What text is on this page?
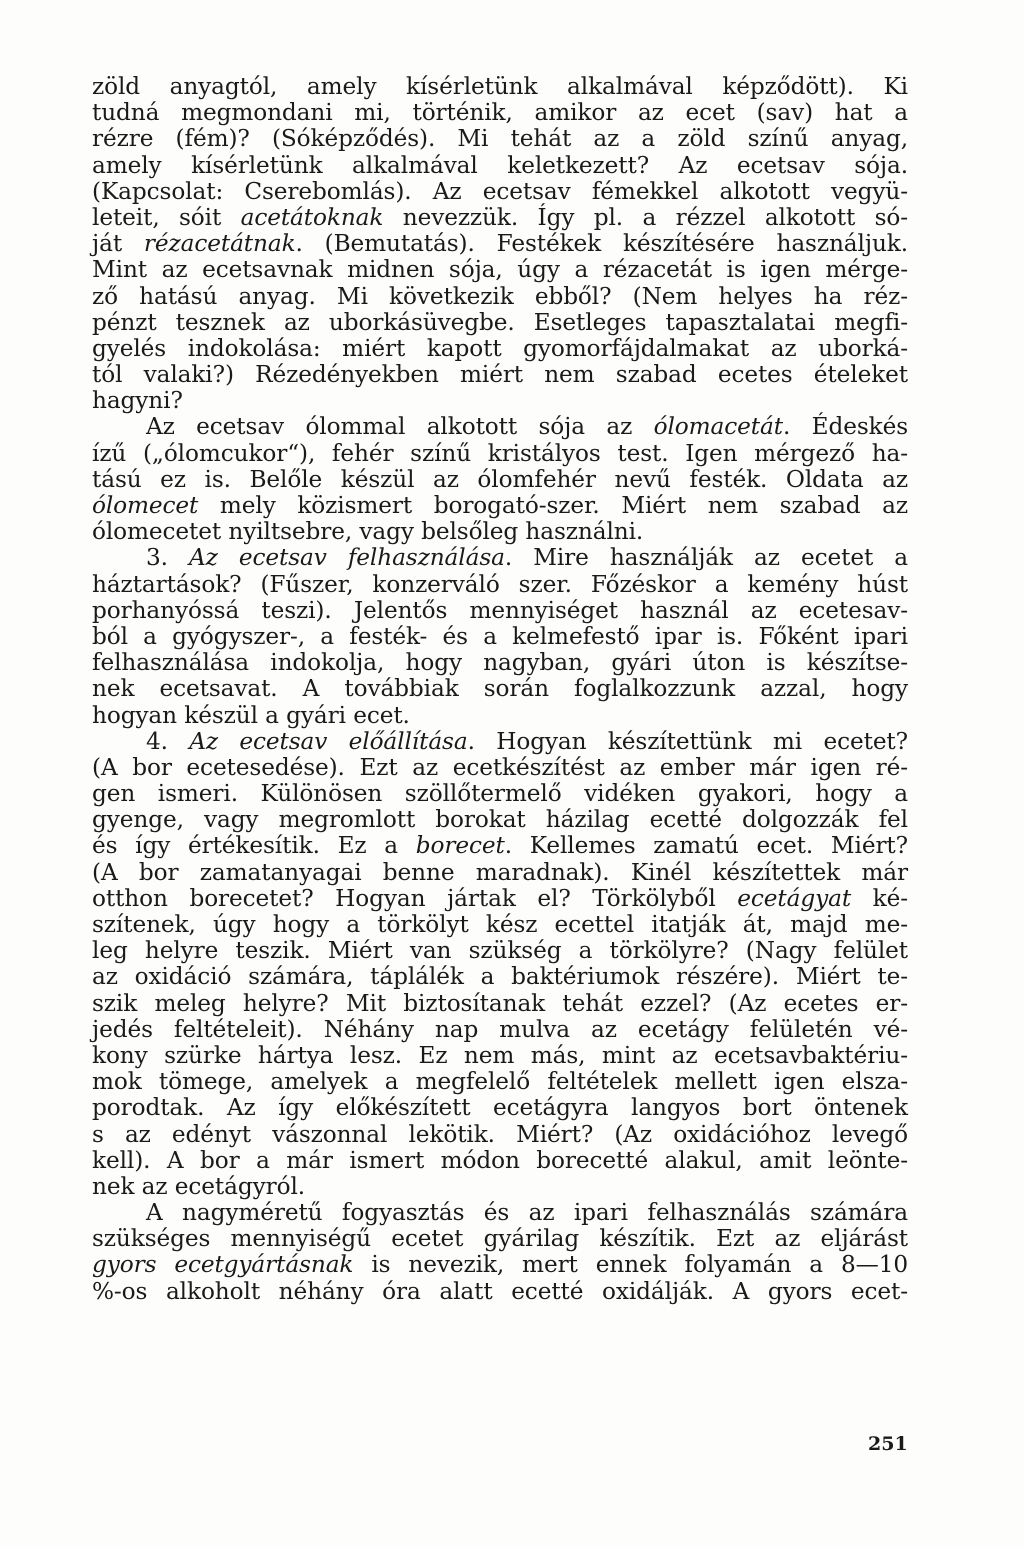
zöld anyagtól, amely kísérletünk alkalmával képződött). Ki
tudná megmondani mi, történik, amikor az ecet (sav) hat a
rézre (fém)? (Sóképződés). Mi tehát az a zöld színű anyag,
amely kísérletünk alkalmával keletkezett? Az ecetsav sója.
(Kapcsolat: Cserebomlás). Az ecetsav fémekkel alkotott vegyü-
leteit, sóit acetátoknak nevezzük. Így pl. a rézzel alkotott só-
ját rézacetátnak. (Bemutatás). Festékek készítésére használjuk.
Mint az ecetsavnak midnen sója, úgy a rézacetát is igen mérge-
ző hatású anyag. Mi következik ebből? (Nem helyes ha réz-
pénzt tesznek az uborkásüvegbe. Esetleges tapasztalatai megfi-
gyelés indokolása: miért kapott gyomorfájdalmakat az uborká-
tól valaki?) Rézedényekben miért nem szabad ecetes ételeket
hagyni?
Az ecetsav ólommal alkotott sója az ólomacetát. Édeskés
ízű („ólomcukor“), fehér színű kristályos test. Igen mérgező ha-
tású ez is. Belőle készül az ólomfehér nevű festék. Oldata az
ólomecet mely közismert borogató-szer. Miért nem szabad az
ólomecetet nyiltsebre, vagy belsőleg használni.
3. Az ecetsav felhasználása. Mire használják az ecetet a
háztartások? (Fűszer, konzerváló szer. Főzéskor a kemény húst
porhanyóssá teszi). Jelentős mennyiséget használ az ecetesav-
ból a gyógyszer-, a festék- és a kelmefestő ipar is. Főként ipari
felhasználása indokolja, hogy nagyban, gyári úton is készítse-
nek ecetsavat. A továbbiak során foglalkozzunk azzal, hogy
hogyan készül a gyári ecet.
4. Az ecetsav előállítása. Hogyan készítettünk mi ecetet?
(A bor ecetesedése). Ezt az ecetkészítést az ember már igen ré-
gen ismeri. Különösen szöllőtermelő vidéken gyakori, hogy a
gyenge, vagy megromlott borokat házilag ecetté dolgozzák fel
és így értékesítik. Ez a borecet. Kellemes zamatú ecet. Miért?
(A bor zamatanyagai benne maradnak). Kinél készítettek már
otthon borecetet? Hogyan jártak el? Törkölyből ecetágyat ké-
szítenek, úgy hogy a törkölyt kész ecettel itatják át, majd me-
leg helyre teszik. Miért van szükség a törkölyre? (Nagy felület
az oxidáció számára, táplálék a baktériumok részére). Miért te-
szik meleg helyre? Mit biztosítanak tehát ezzel? (Az ecetes er-
jedés feltételeit). Néhány nap mulva az ecetágy felületén vé-
kony szürke hártya lesz. Ez nem más, mint az ecetsavbaktériu-
mok tömege, amelyek a megfelelő feltételek mellett igen elsza-
porodtak. Az így előkészített ecetágyra langyos bort öntenek
s az edényt vászonnal lekötik. Miért? (Az oxidációhoz levegő
kell). A bor a már ismert módon borecetté alakul, amit leönte-
nek az ecetágyról.
A nagyméretű fogyasztás és az ipari felhasználás számára
szükséges mennyiségű ecetet gyárilag készítik. Ezt az eljárást
gyors ecetgyártásnak is nevezik, mert ennek folyamán a 8—10
%-os alkoholt néhány óra alatt ecetté oxidálják. A gyors ecet-
251
